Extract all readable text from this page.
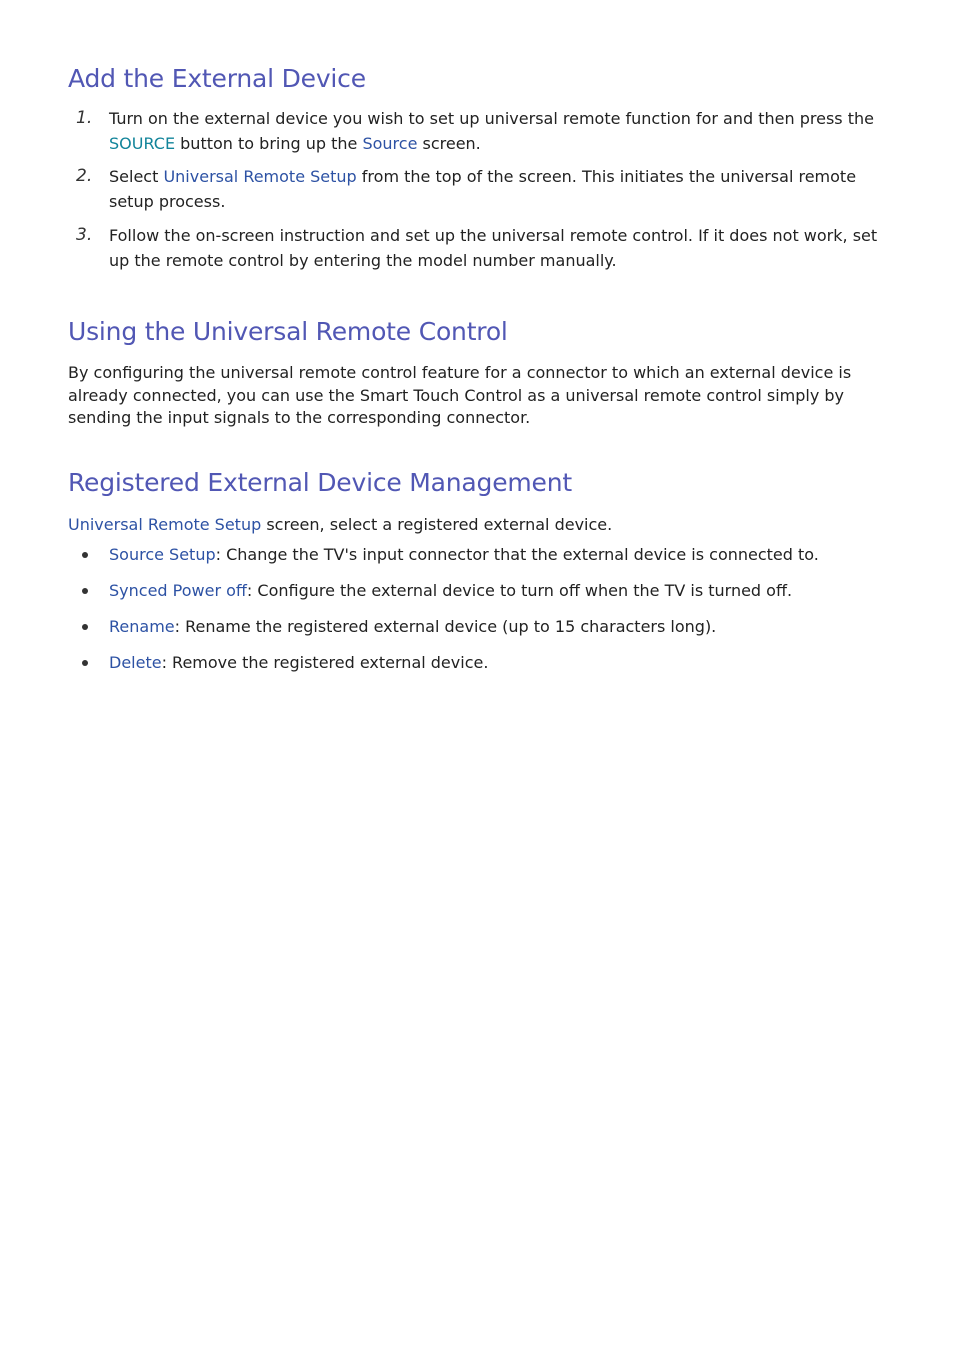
Add the External Device
1. Turn on the external device you wish to set up universal remote function for and then press the SOURCE button to bring up the Source screen.
2. Select Universal Remote Setup from the top of the screen. This initiates the universal remote setup process.
3. Follow the on-screen instruction and set up the universal remote control. If it does not work, set up the remote control by entering the model number manually.
Using the Universal Remote Control
By configuring the universal remote control feature for a connector to which an external device is already connected, you can use the Smart Touch Control as a universal remote control simply by sending the input signals to the corresponding connector.
Registered External Device Management
Universal Remote Setup screen, select a registered external device.
Source Setup: Change the TV's input connector that the external device is connected to.
Synced Power off: Configure the external device to turn off when the TV is turned off.
Rename: Rename the registered external device (up to 15 characters long).
Delete: Remove the registered external device.
